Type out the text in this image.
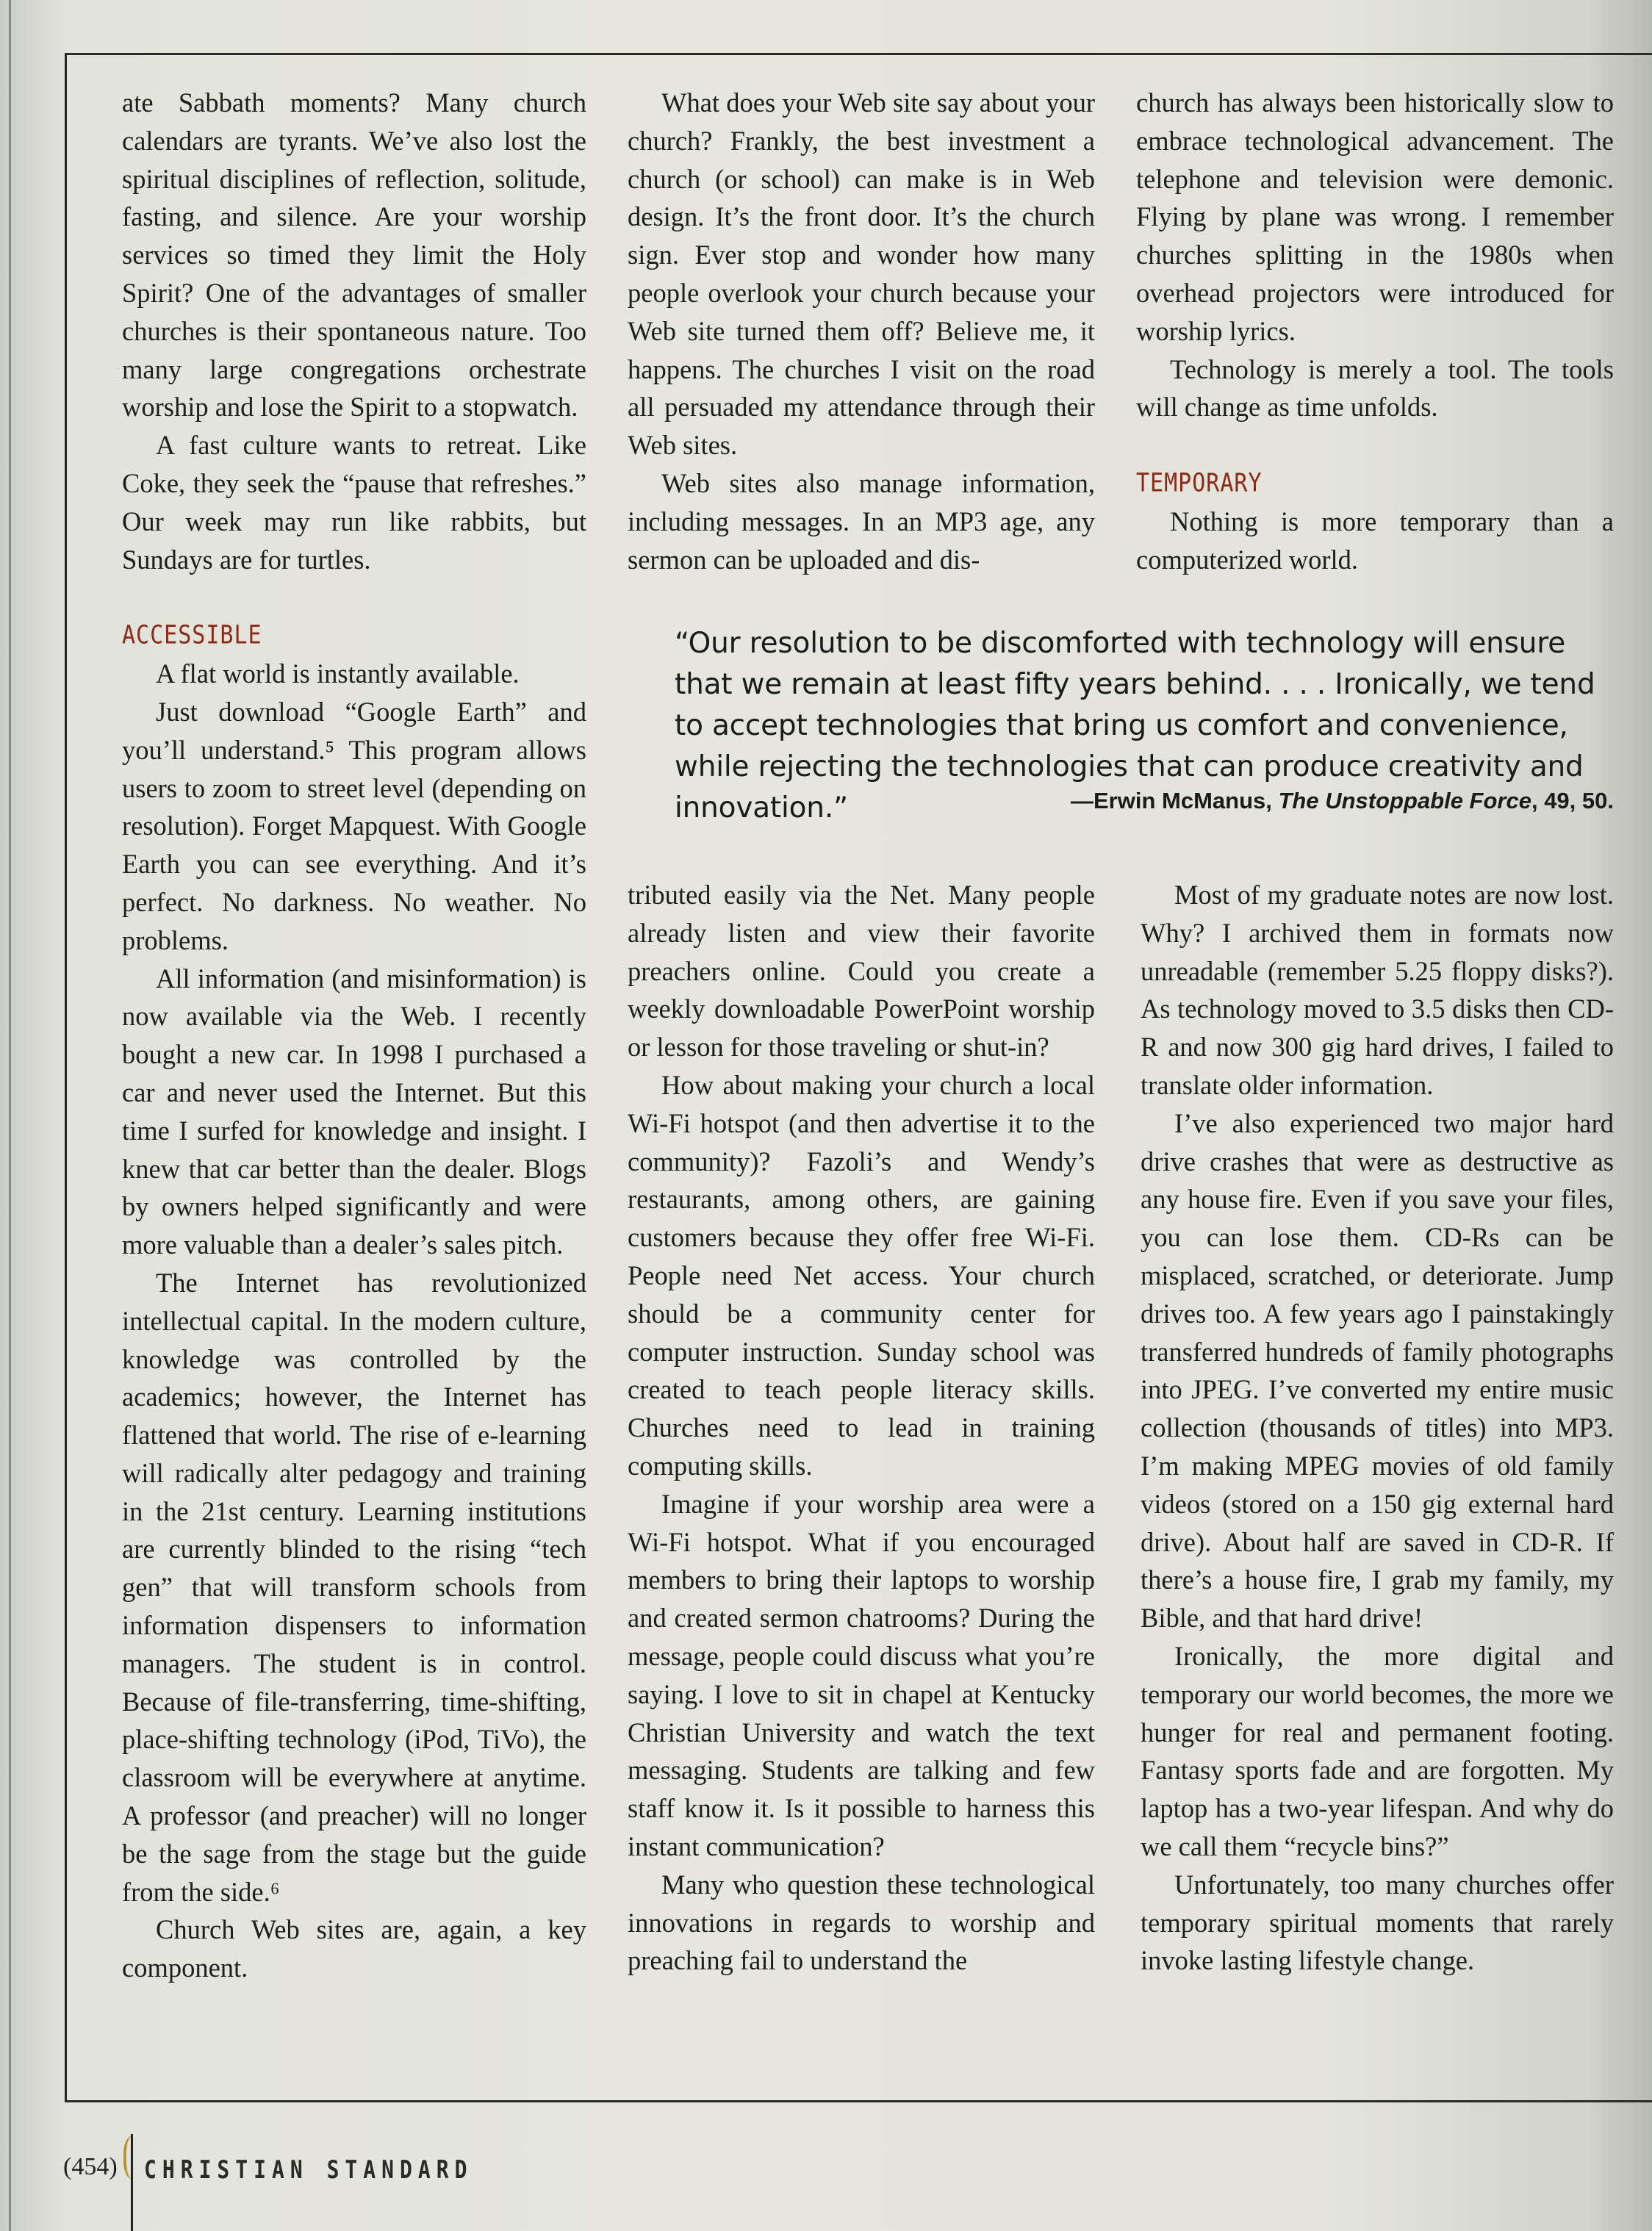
ate Sabbath moments? Many church calendars are tyrants. We’ve also lost the spiritual disciplines of reflection, solitude, fasting, and silence. Are your worship services so timed they limit the Holy Spirit? One of the advantages of smaller churches is their spontaneous nature. Too many large congregations orchestrate worship and lose the Spirit to a stopwatch.

A fast culture wants to retreat. Like Coke, they seek the “pause that refreshes.” Our week may run like rabbits, but Sundays are for turtles.

ACCESSIBLE

A flat world is instantly available.

Just download “Google Earth” and you’ll understand.⁵ This program allows users to zoom to street level (depending on resolution). Forget Mapquest. With Google Earth you can see everything. And it’s perfect. No darkness. No weather. No problems.

All information (and misinformation) is now available via the Web. I recently bought a new car. In 1998 I purchased a car and never used the Internet. But this time I surfed for knowledge and insight. I knew that car better than the dealer. Blogs by owners helped significantly and were more valuable than a dealer’s sales pitch.

The Internet has revolutionized intellectual capital. In the modern culture, knowledge was controlled by the academics; however, the Internet has flattened that world. The rise of e-learning will radically alter pedagogy and training in the 21st century. Learning institutions are currently blinded to the rising “tech gen” that will transform schools from information dispensers to information managers. The student is in control. Because of file-transferring, time-shifting, place-shifting technology (iPod, TiVo), the classroom will be everywhere at anytime. A professor (and preacher) will no longer be the sage from the stage but the guide from the side.⁶

Church Web sites are, again, a key component.

What does your Web site say about your church? Frankly, the best investment a church (or school) can make is in Web design. It’s the front door. It’s the church sign. Ever stop and wonder how many people overlook your church because your Web site turned them off? Believe me, it happens. The churches I visit on the road all persuaded my attendance through their Web sites.

Web sites also manage information, including messages. In an MP3 age, any sermon can be uploaded and dis-

church has always been historically slow to embrace technological advancement. The telephone and television were demonic. Flying by plane was wrong. I remember churches splitting in the 1980s when overhead projectors were introduced for worship lyrics.

Technology is merely a tool. The tools will change as time unfolds.

TEMPORARY

Nothing is more temporary than a computerized world.

“Our resolution to be discomforted with technology will ensure that we remain at least fifty years behind. . . . Ironically, we tend to accept technologies that bring us comfort and convenience, while rejecting the technologies that can produce creativity and innovation.”	—Erwin McManus, The Unstoppable Force, 49, 50.

tributed easily via the Net. Many people already listen and view their favorite preachers online. Could you create a weekly downloadable PowerPoint worship or lesson for those traveling or shut-in?

How about making your church a local Wi-Fi hotspot (and then advertise it to the community)? Fazoli’s and Wendy’s restaurants, among others, are gaining customers because they offer free Wi-Fi. People need Net access. Your church should be a community center for computer instruction. Sunday school was created to teach people literacy skills. Churches need to lead in training computing skills.

Imagine if your worship area were a Wi-Fi hotspot. What if you encouraged members to bring their laptops to worship and created sermon chatrooms? During the message, people could discuss what you’re saying. I love to sit in chapel at Kentucky Christian University and watch the text messaging. Students are talking and few staff know it. Is it possible to harness this instant communication?

Many who question these technological innovations in regards to worship and preaching fail to understand the

Most of my graduate notes are now lost. Why? I archived them in formats now unreadable (remember 5.25 floppy disks?). As technology moved to 3.5 disks then CD-R and now 300 gig hard drives, I failed to translate older information.

I’ve also experienced two major hard drive crashes that were as destructive as any house fire. Even if you save your files, you can lose them. CD-Rs can be misplaced, scratched, or deteriorate. Jump drives too. A few years ago I painstakingly transferred hundreds of family photographs into JPEG. I’ve converted my entire music collection (thousands of titles) into MP3. I’m making MPEG movies of old family videos (stored on a 150 gig external hard drive). About half are saved in CD-R. If there’s a house fire, I grab my family, my Bible, and that hard drive!

Ironically, the more digital and temporary our world becomes, the more we hunger for real and permanent footing. Fantasy sports fade and are forgotten. My laptop has a two-year lifespan. And why do we call them “recycle bins?”

Unfortunately, too many churches offer temporary spiritual moments that rarely invoke lasting lifestyle change.

(454) CHRISTIAN STANDARD
